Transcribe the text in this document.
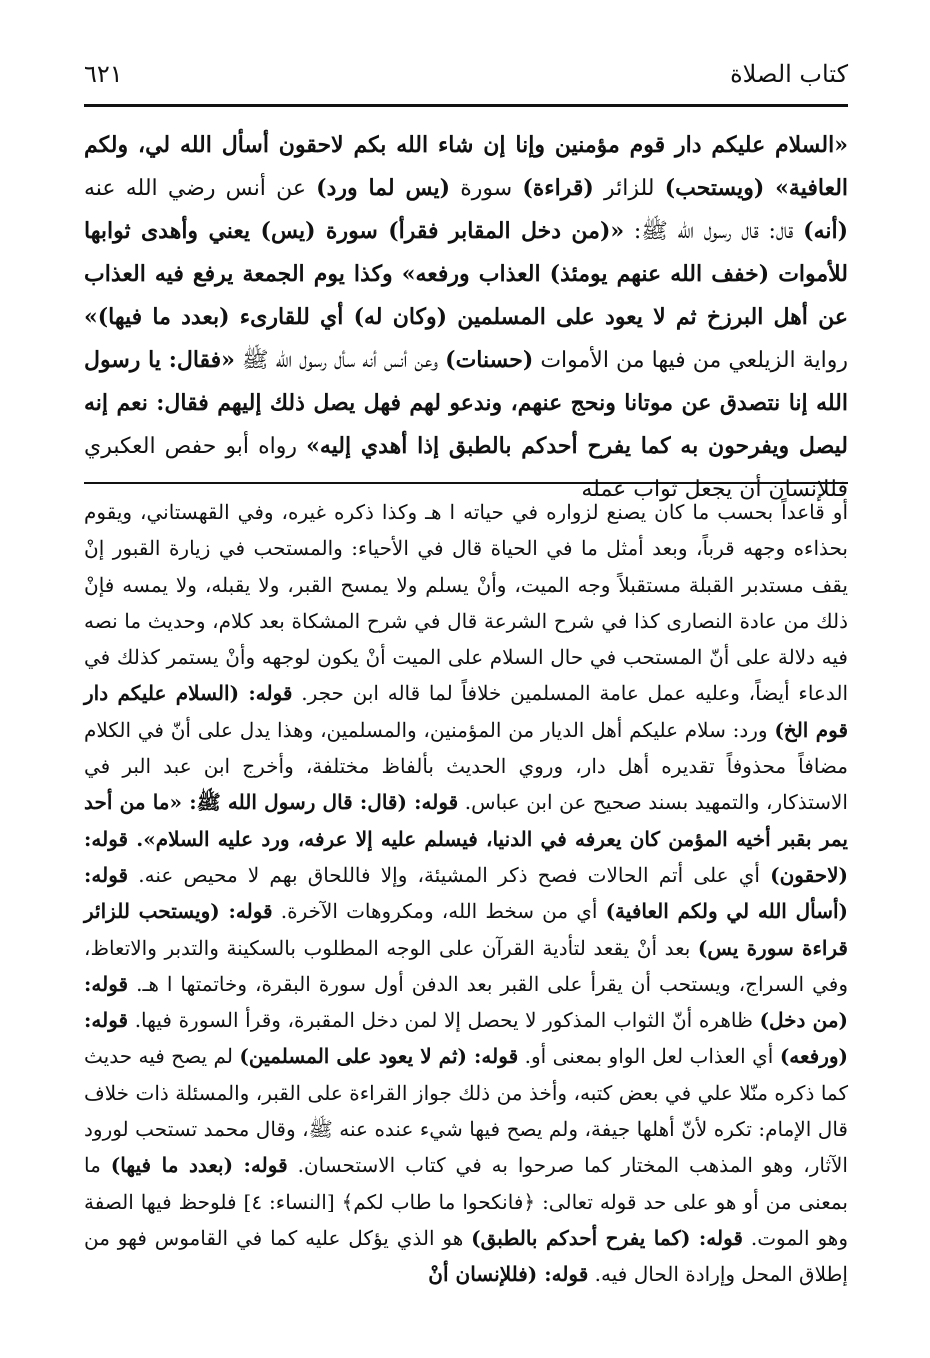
كتاب الصلاة
٦٢١

«السلام عليكم دار قوم مؤمنين وإنا إن شاء الله بكم لاحقون أسأل الله لي، ولكم العافية» (ويستحب) للزائر (قراءة) سورة (يس لما ورد) عن أنس رضي الله عنه (أنه) قال: قال رسول الله ﷺ: «(من دخل المقابر فقرأ) سورة (يس) يعني وأهدى ثوابها للأموات (خفف الله عنهم يومئذ) العذاب ورفعه» وكذا يوم الجمعة يرفع فيه العذاب عن أهل البرزخ ثم لا يعود على المسلمين (وكان له) أي للقارىء (بعدد ما فيها)» رواية الزيلعي من فيها من الأموات (حسنات) وعن أنس أنه سأل رسول الله ﷺ «فقال: يا رسول الله إنا نتصدق عن موتانا ونحج عنهم، وندعو لهم فهل يصل ذلك إليهم فقال: نعم إنه ليصل ويفرحون به كما يفرح أحدكم بالطبق إذا أهدي إليه» رواه أبو حفص العكبري فللإنسان أن يجعل ثواب عمله

أو قاعداً بحسب ما كان يصنع لزواره في حياته ا هـ وكذا ذكره غيره، وفي القهستاني، ويقوم بحذاءه وجهه قرباً، وبعد أمثل ما في الحياة قال في الأحياء: والمستحب في زيارة القبور إنْ يقف مستدبر القبلة مستقبلاً وجه الميت، وأنْ يسلم ولا يمسح القبر، ولا يقبله، ولا يمسه فإنْ ذلك من عادة النصارى كذا في شرح الشرعة قال في شرح المشكاة بعد كلام، وحديث ما نصه فيه دلالة على أنّ المستحب في حال السلام على الميت أنْ يكون لوجهه وأنْ يستمر كذلك في الدعاء أيضاً، وعليه عمل عامة المسلمين خلافاً لما قاله ابن حجر. قوله: (السلام عليكم دار قوم الخ) ورد: سلام عليكم أهل الديار من المؤمنين، والمسلمين، وهذا يدل على أنّ في الكلام مضافاً محذوفاً تقديره أهل دار، وروي الحديث بألفاظ مختلفة، وأخرج ابن عبد البر في الاستذكار، والتمهيد بسند صحيح عن ابن عباس. قوله: (قال: قال رسول الله ﷺ: «ما من أحد يمر بقبر أخيه المؤمن كان يعرفه في الدنيا، فيسلم عليه إلا عرفه، ورد عليه السلام». قوله: (لاحقون) أي على أتم الحالات فصح ذكر المشيئة، وإلا فاللحاق بهم لا محيص عنه. قوله: (أسأل الله لي ولكم العافية) أي من سخط الله، ومكروهات الآخرة. قوله: (ويستحب للزائر قراءة سورة يس) بعد أنْ يقعد لتأدية القرآن على الوجه المطلوب بالسكينة والتدبر والاتعاظ، وفي السراج، ويستحب أن يقرأ على القبر بعد الدفن أول سورة البقرة، وخاتمتها ا هـ. قوله: (من دخل) ظاهره أنّ الثواب المذكور لا يحصل إلا لمن دخل المقبرة، وقرأ السورة فيها. قوله: (ورفعه) أي العذاب لعل الواو بمعنى أو. قوله: (ثم لا يعود على المسلمين) لم يصح فيه حديث كما ذكره منّلا علي في بعض كتبه، وأخذ من ذلك جواز القراءة على القبر، والمسئلة ذات خلاف قال الإمام: تكره لأنّ أهلها جيفة، ولم يصح فيها شيء عنده عنه ﷺ، وقال محمد تستحب لورود الآثار، وهو المذهب المختار كما صرحوا به في كتاب الاستحسان. قوله: (بعدد ما فيها) ما بمعنى من أو هو على حد قوله تعالى: ﴿فانكحوا ما طاب لكم﴾ [النساء: ٤] فلوحظ فيها الصفة وهو الموت. قوله: (كما يفرح أحدكم بالطبق) هو الذي يؤكل عليه كما في القاموس فهو من إطلاق المحل وإرادة الحال فيه. قوله: (فللإنسان أنْ
